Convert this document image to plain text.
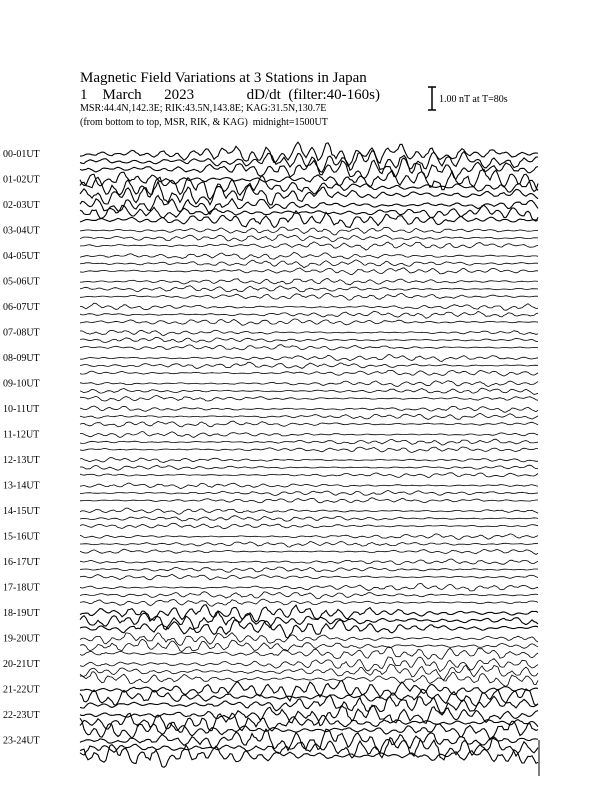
Magnetic Field Variations at 3 Stations in Japan
1    March      2023              dD/dt  (filter:40-160s)
MSR:44.4N,142.3E; RIK:43.5N,143.8E; KAG:31.5N,130.7E
(from bottom to top, MSR, RIK, & KAG)  midnight=1500UT
1.00 nT at T=80s
00-01UT
01-02UT
02-03UT
03-04UT
04-05UT
05-06UT
06-07UT
07-08UT
08-09UT
09-10UT
10-11UT
11-12UT
12-13UT
13-14UT
14-15UT
15-16UT
16-17UT
17-18UT
18-19UT
19-20UT
20-21UT
21-22UT
22-23UT
23-24UT
